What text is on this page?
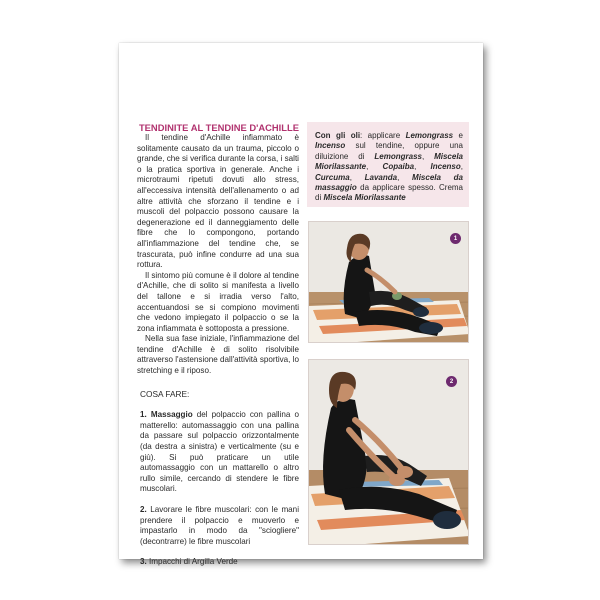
TENDINITE AL TENDINE D'ACHILLE

Il tendine d'Achille infiammato è solitamente causato da un trauma, piccolo o grande, che si verifica durante la corsa, i salti o la pratica sportiva in generale. Anche i microtraumi ripetuti dovuti allo stress, all'eccessiva intensità dell'allenamento o ad altre attività che sforzano il tendine e i muscoli del polpaccio possono causare la degenerazione ed il danneggiamento delle fibre che lo compongono, portando all'infiammazione del tendine che, se trascurata, può infine condurre ad una sua rottura.

Il sintomo più comune è il dolore al tendine d'Achille, che di solito si manifesta a livello del tallone e si irradia verso l'alto, accentuandosi se si compiono movimenti che vedono impiegato il polpaccio o se la zona infiammata è sottoposta a pressione.

Nella sua fase iniziale, l'infiammazione del tendine d'Achille è di solito risolvibile attraverso l'astensione dall'attività sportiva, lo stretching e il riposo.

COSA FARE:

1. Massaggio del polpaccio con pallina o matterello: automassaggio con una pallina da passare sul polpaccio orizzontalmente (da destra a sinistra) e verticalmente (su e giù). Si può praticare un utile automassaggio con un mattarello o altro rullo simile, cercando di stendere le fibre muscolari.

2. Lavorare le fibre muscolari: con le mani prendere il polpaccio e muoverlo e impastarlo in modo da "sciogliere" (decontrarre) le fibre muscolari

3. Impacchi di Argilla Verde

Con gli oli: applicare Lemongrass e Incenso sul tendine, oppure una diluizione di Lemongrass, Miscela Miorilassante, Copaiba, Incenso, Curcuma, Lavanda, Miscela da massaggio da applicare spesso. Crema di Miscela Miorilassante
1
2
